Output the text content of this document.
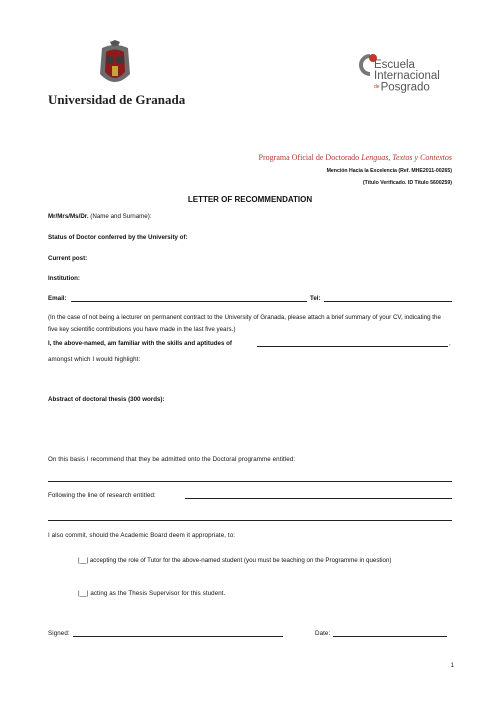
Universidad de Granada
Escuela
Internacional
dePosgrado
Programa Oficial de Doctorado Lenguas, Textos y Contextos
Mención Hacia la Excelencia (Ref. MHE2011-00265)
(Título Verificado. ID Título 5600259)
LETTER OF RECOMMENDATION
Mr/Mrs/Ms/Dr. (Name and Surname):
Status of Doctor conferred by the University of:
Current post:
Institution:
Email:	Tel:
(In the case of not being a lecturer on permanent contract to the University of Granada, please attach a brief summary of your CV, indicating the five key scientific contributions you have made in the last five years.)
I, the above-named, am familiar with the skills and aptitudes of	,
amongst which I would highlight:
Abstract of doctoral thesis (300 words):
On this basis I recommend that they be admitted onto the Doctoral programme entitled:
Following the line of research entitled:
I also commit, should the Academic Board deem it appropriate, to:
|__| accepting the role of Tutor for the above-named student (you must be teaching on the Programme in question)
|__| acting as the Thesis Supervisor for this student.
Signed:	Date:
1
